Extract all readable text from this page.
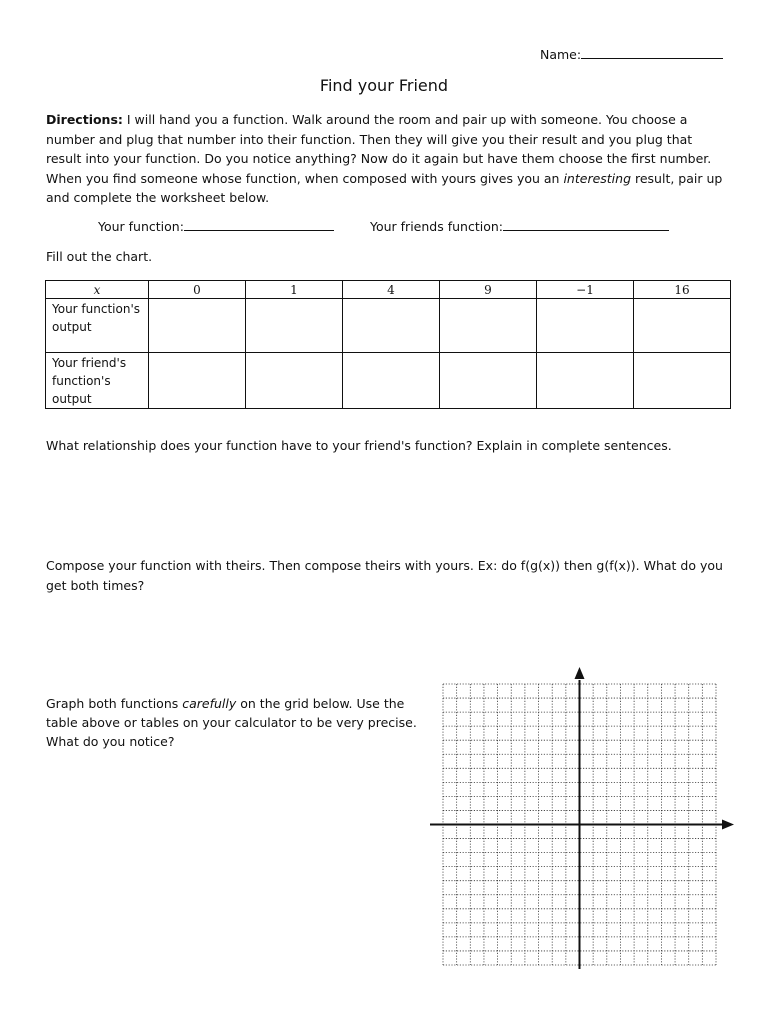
Name:
Find your Friend
Directions: I will hand you a function. Walk around the room and pair up with someone. You choose a number and plug that number into their function. Then they will give you their result and you plug that result into your function. Do you notice anything? Now do it again but have them choose the first number. When you find someone whose function, when composed with yours gives you an interesting result, pair up and complete the worksheet below.
Your function:	Your friends function:
Fill out the chart.
x	0	1	4	9	−1	16
Your function's output						
Your friend's function's output						
What relationship does your function have to your friend's function? Explain in complete sentences.
Compose your function with theirs. Then compose theirs with yours. Ex: do f(g(x)) then g(f(x)). What do you get both times?
Graph both functions carefully on the grid below. Use the table above or tables on your calculator to be very precise. What do you notice?
